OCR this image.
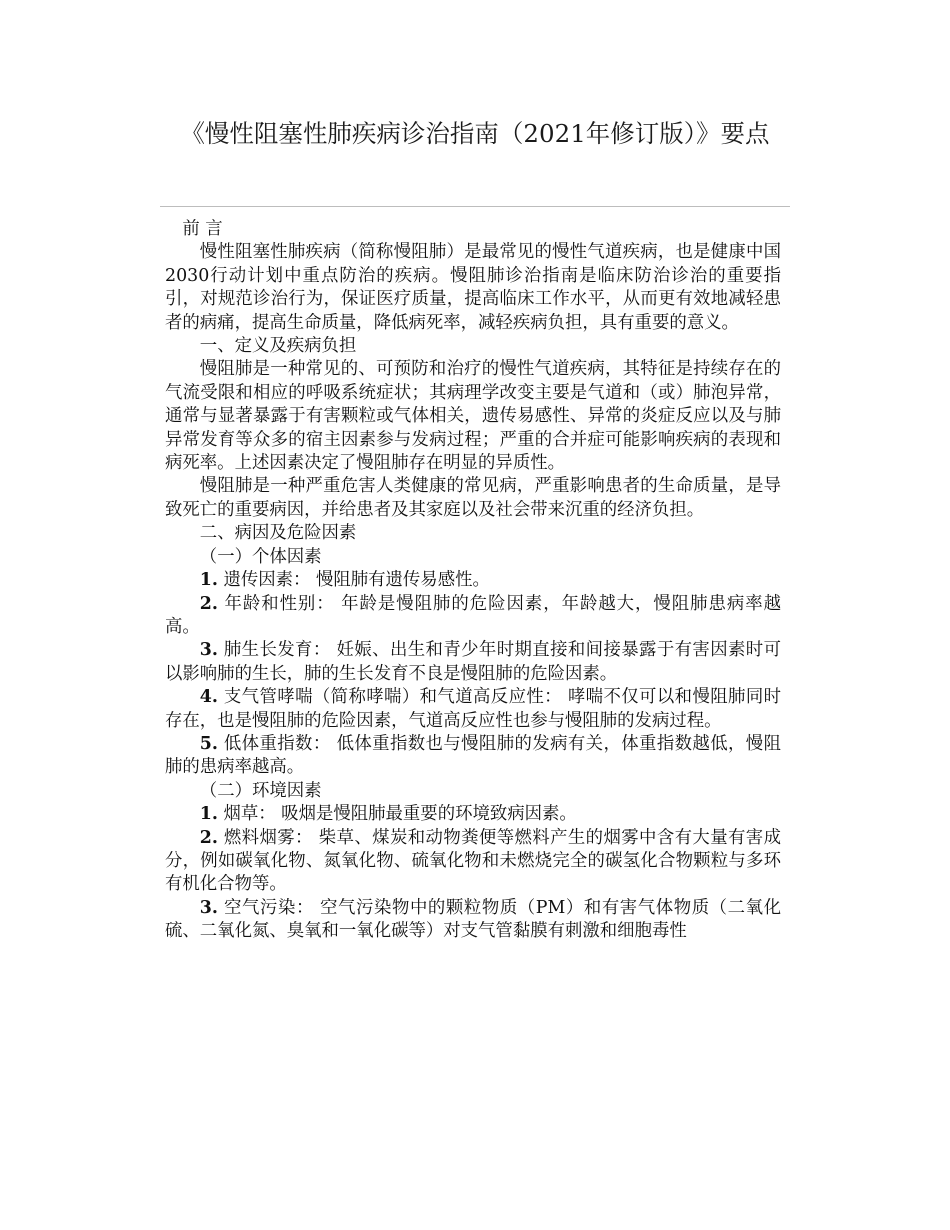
《慢性阻塞性肺疾病诊治指南（2021年修订版）》要点

前 言

慢性阻塞性肺疾病（简称慢阻肺）是最常见的慢性气道疾病，也是健康中国2030行动计划中重点防治的疾病。慢阻肺诊治指南是临床防治诊治的重要指引，对规范诊治行为，保证医疗质量，提高临床工作水平，从而更有效地减轻患者的病痛，提高生命质量，降低病死率，减轻疾病负担，具有重要的意义。

一、定义及疾病负担

慢阻肺是一种常见的、可预防和治疗的慢性气道疾病，其特征是持续存在的气流受限和相应的呼吸系统症状；其病理学改变主要是气道和（或）肺泡异常，通常与显著暴露于有害颗粒或气体相关，遗传易感性、异常的炎症反应以及与肺异常发育等众多的宿主因素参与发病过程；严重的合并症可能影响疾病的表现和病死率。上述因素决定了慢阻肺存在明显的异质性。

慢阻肺是一种严重危害人类健康的常见病，严重影响患者的生命质量，是导致死亡的重要病因，并给患者及其家庭以及社会带来沉重的经济负担。

二、病因及危险因素

（一）个体因素

1. 遗传因素： 慢阻肺有遗传易感性。

2. 年龄和性别： 年龄是慢阻肺的危险因素，年龄越大，慢阻肺患病率越高。

3. 肺生长发育： 妊娠、出生和青少年时期直接和间接暴露于有害因素时可以影响肺的生长，肺的生长发育不良是慢阻肺的危险因素。

4. 支气管哮喘（简称哮喘）和气道高反应性： 哮喘不仅可以和慢阻肺同时存在，也是慢阻肺的危险因素，气道高反应性也参与慢阻肺的发病过程。

5. 低体重指数： 低体重指数也与慢阻肺的发病有关，体重指数越低，慢阻肺的患病率越高。

（二）环境因素

1. 烟草： 吸烟是慢阻肺最重要的环境致病因素。

2. 燃料烟雾： 柴草、煤炭和动物粪便等燃料产生的烟雾中含有大量有害成分，例如碳氧化物、氮氧化物、硫氧化物和未燃烧完全的碳氢化合物颗粒与多环有机化合物等。

3. 空气污染： 空气污染物中的颗粒物质（PM）和有害气体物质（二氧化硫、二氧化氮、臭氧和一氧化碳等）对支气管黏膜有刺激和细胞毒性
